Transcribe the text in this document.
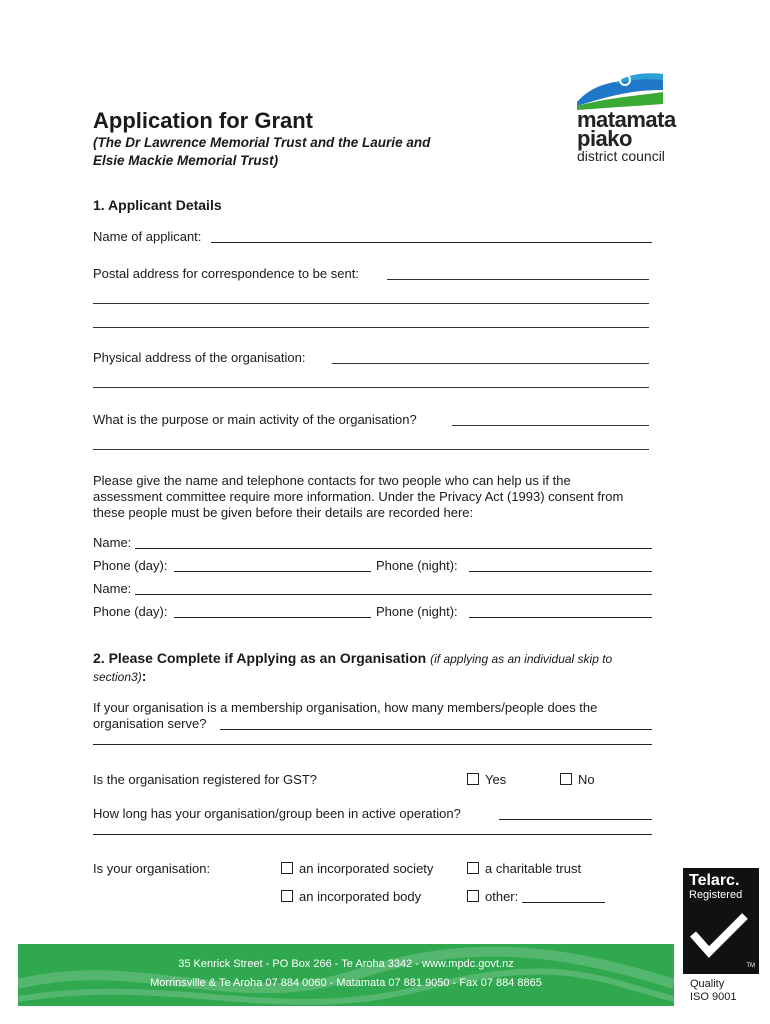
Application for Grant
(The Dr Lawrence Memorial Trust and the Laurie and
Elsie Mackie Memorial Trust)
matamata
piako
district council
1. Applicant Details
Name of applicant:
Postal address for correspondence to be sent:
Physical address of the organisation:
What is the purpose or main activity of the organisation?
Please give the name and telephone contacts for two people who can help us if the
assessment committee require more information. Under the Privacy Act (1993) consent from
these people must be given before their details are recorded here:
Name:
Phone (day):	Phone (night):
Name:
Phone (day):	Phone (night):
2. Please Complete if Applying as an Organisation (if applying as an individual skip to
section3):
If your organisation is a membership organisation, how many members/people does the
organisation serve?
Is the organisation registered for GST?	Yes	No
How long has your organisation/group been in active operation?
Is your organisation:	an incorporated society	a charitable trust
an incorporated body	other:
35 Kenrick Street - PO Box 266 - Te Aroha 3342 - www.mpdc.govt.nz
Morrinsville & Te Aroha 07 884 0060 - Matamata 07 881 9050 - Fax 07 884 8865
Telarc.
Registered
TM
Quality
ISO 9001
